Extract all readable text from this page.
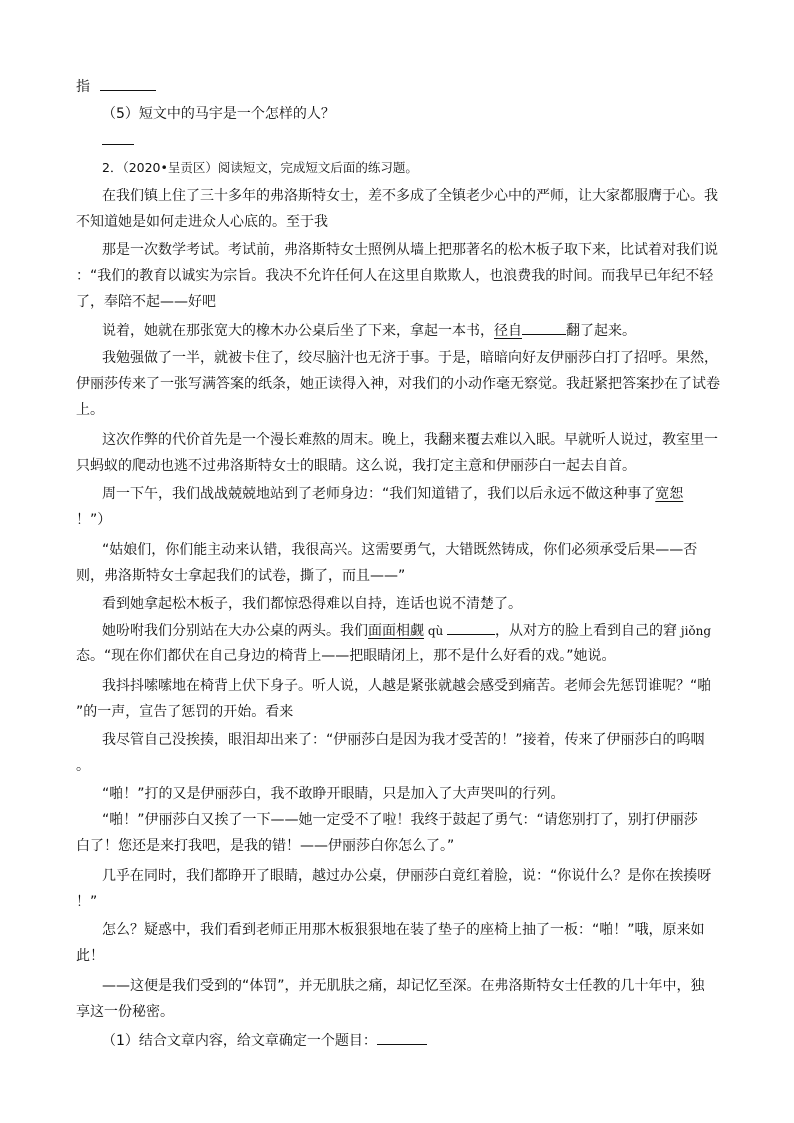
指
（5）短文中的马宇是一个怎样的人？
2．（2020•呈贡区）阅读短文，完成短文后面的练习题。
在我们镇上住了三十多年的弗洛斯特女士，差不多成了全镇老少心中的严师，让大家都服膺于心。我
不知道她是如何走进众人心底的。至于我
那是一次数学考试。考试前，弗洛斯特女士照例从墙上把那著名的松木板子取下来，比试着对我们说
：“我们的教育以诚实为宗旨。我决不允许任何人在这里自欺欺人，也浪费我的时间。而我早已年纪不轻
了，奉陪不起——好吧
说着，她就在那张宽大的橡木办公桌后坐了下来，拿起一本书，径自	翻了起来。
我勉强做了一半，就被卡住了，绞尽脑汁也无济于事。于是，暗暗向好友伊丽莎白打了招呼。果然，
伊丽莎传来了一张写满答案的纸条，她正读得入神，对我们的小动作毫无察觉。我赶紧把答案抄在了试卷
上。
这次作弊的代价首先是一个漫长难熬的周末。晚上，我翻来覆去难以入眠。早就听人说过，教室里一
只蚂蚁的爬动也逃不过弗洛斯特女士的眼睛。这么说，我打定主意和伊丽莎白一起去自首。
周一下午，我们战战兢兢地站到了老师身边：“我们知道错了，我们以后永远不做这种事了宽恕
！”）
“姑娘们，你们能主动来认错，我很高兴。这需要勇气，大错既然铸成，你们必须承受后果——否
则，弗洛斯特女士拿起我们的试卷，撕了，而且——”
看到她拿起松木板子，我们都惊恐得难以自持，连话也说不清楚了。
她吩咐我们分别站在大办公桌的两头。我们面面相觑 qù	，从对方的脸上看到自己的窘 jiǒng
态。“现在你们都伏在自己身边的椅背上——把眼睛闭上，那不是什么好看的戏。”她说。
我抖抖嗦嗦地在椅背上伏下身子。听人说，人越是紧张就越会感受到痛苦。老师会先惩罚谁呢？“啪
”的一声，宣告了惩罚的开始。看来
我尽管自己没挨揍，眼泪却出来了：“伊丽莎白是因为我才受苦的！”接着，传来了伊丽莎白的呜咽
。
“啪！”打的又是伊丽莎白，我不敢睁开眼睛，只是加入了大声哭叫的行列。
“啪！”伊丽莎白又挨了一下——她一定受不了啦！我终于鼓起了勇气：“请您别打了，别打伊丽莎
白了！您还是来打我吧，是我的错！——伊丽莎白你怎么了。”
几乎在同时，我们都睁开了眼睛，越过办公桌，伊丽莎白竟红着脸，说：“你说什么？是你在挨揍呀
！”
怎么？疑惑中，我们看到老师正用那木板狠狠地在装了垫子的座椅上抽了一板：“啪！”哦，原来如
此！
——这便是我们受到的“体罚”，并无肌肤之痛，却记忆至深。在弗洛斯特女士任教的几十年中，独
享这一份秘密。
（1）结合文章内容，给文章确定一个题目：
